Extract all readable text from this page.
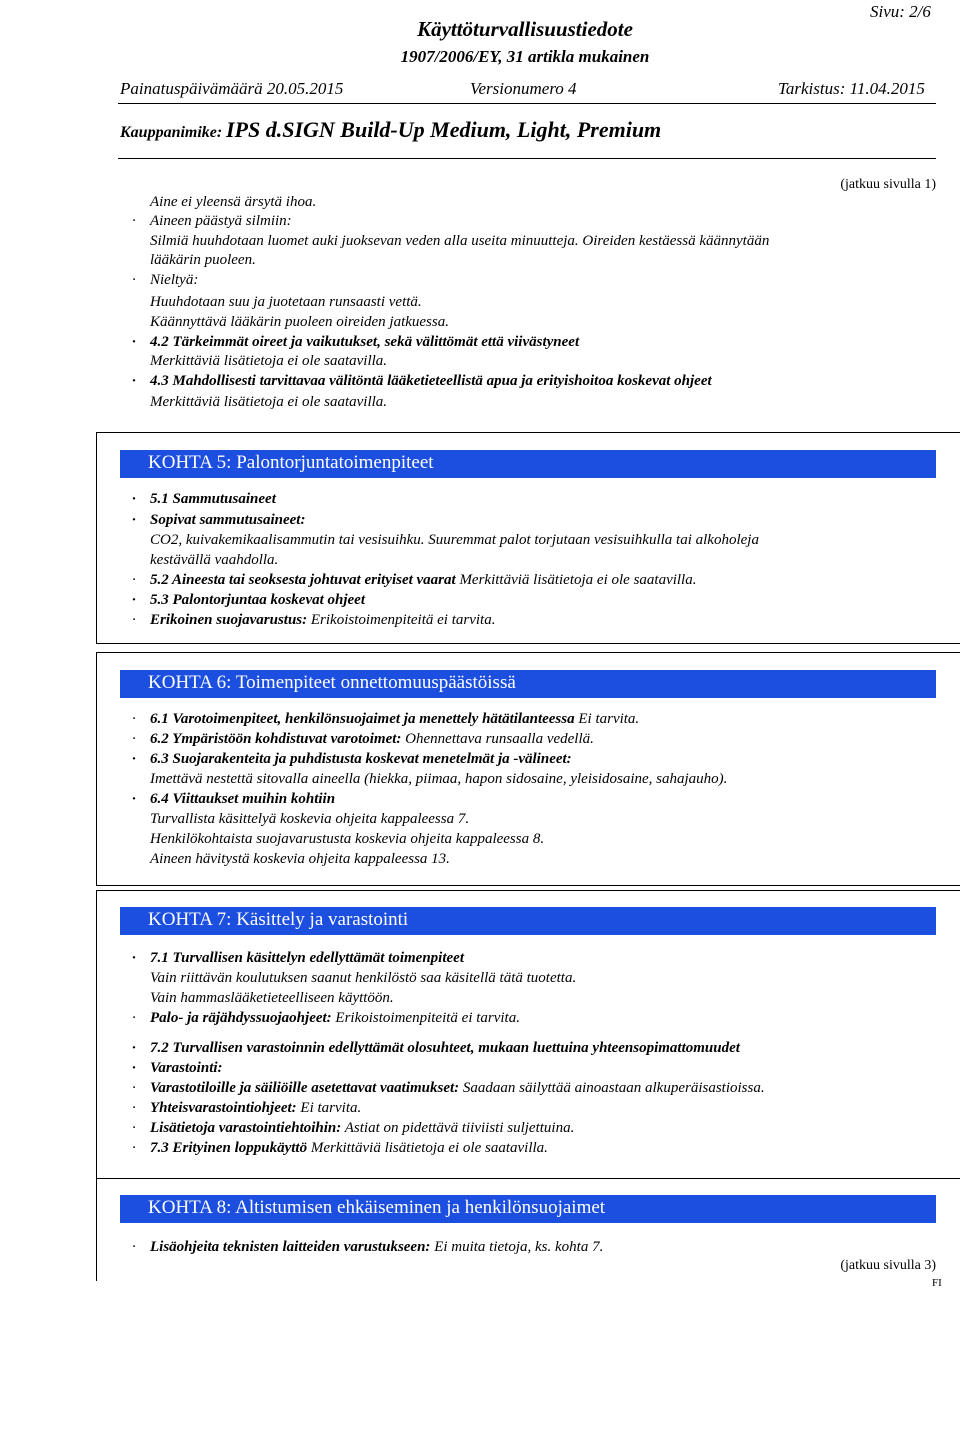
Sivu: 2/6
Käyttöturvallisuustiedote
1907/2006/EY, 31 artikla mukainen
Painatuspäivämäärä 20.05.2015	Versionumero 4	Tarkistus: 11.04.2015
Kauppanimike: IPS d.SIGN Build-Up Medium, Light, Premium
(jatkuu sivulla 1)
Aine ei yleensä ärsytä ihoa.
· Aineen päästyä silmiin:
Silmiä huuhdotaan luomet auki juoksevan veden alla useita minuutteja. Oireiden kestäessä käännytään
lääkärin puoleen.
· Nieltyä:
Huuhdotaan suu ja juotetaan runsaasti vettä.
Käännyttävä lääkärin puoleen oireiden jatkuessa.
· 4.2 Tärkeimmät oireet ja vaikutukset, sekä välittömät että viivästyneet
Merkittäviä lisätietoja ei ole saatavilla.
· 4.3 Mahdollisesti tarvittavaa välitöntä lääketieteellistä apua ja erityishoitoa koskevat ohjeet
Merkittäviä lisätietoja ei ole saatavilla.
KOHTA 5: Palontorjuntatoimenpiteet
· 5.1 Sammutusaineet
· Sopivat sammutusaineet:
CO2, kuivakemikaalisammutin tai vesisuihku. Suuremmat palot torjutaan vesisuihkulla tai alkoholeja
kestävällä vaahdolla.
· 5.2 Aineesta tai seoksesta johtuvat erityiset vaarat Merkittäviä lisätietoja ei ole saatavilla.
· 5.3 Palontorjuntaa koskevat ohjeet
· Erikoinen suojavarustus: Erikoistoimenpiteitä ei tarvita.
KOHTA 6: Toimenpiteet onnettomuuspäästöissä
· 6.1 Varotoimenpiteet, henkilönsuojaimet ja menettely hätätilanteessa Ei tarvita.
· 6.2 Ympäristöön kohdistuvat varotoimet: Ohennettava runsaalla vedellä.
· 6.3 Suojarakenteita ja puhdistusta koskevat menetelmät ja -välineet:
Imettävä nestettä sitovalla aineella (hiekka, piimaa, hapon sidosaine, yleisidosaine, sahajauho).
· 6.4 Viittaukset muihin kohtiin
Turvallista käsittelyä koskevia ohjeita kappaleessa 7.
Henkilökohtaista suojavarustusta koskevia ohjeita kappaleessa 8.
Aineen hävitystä koskevia ohjeita kappaleessa 13.
KOHTA 7: Käsittely ja varastointi
· 7.1 Turvallisen käsittelyn edellyttämät toimenpiteet
Vain riittävän koulutuksen saanut henkilöstö saa käsitellä tätä tuotetta.
Vain hammaslääketieteelliseen käyttöön.
· Palo- ja räjähdyssuojaohjeet: Erikoistoimenpiteitä ei tarvita.
· 7.2 Turvallisen varastoinnin edellyttämät olosuhteet, mukaan luettuina yhteensopimattomuudet
· Varastointi:
· Varastotiloille ja säiliöille asetettavat vaatimukset: Saadaan säilyttää ainoastaan alkuperäisastioissa.
· Yhteisvarastointiohjeet: Ei tarvita.
· Lisätietoja varastointiehtoihin: Astiat on pidettävä tiiviisti suljettuina.
· 7.3 Erityinen loppukäyttö Merkittäviä lisätietoja ei ole saatavilla.
KOHTA 8: Altistumisen ehkäiseminen ja henkilönsuojaimet
· Lisäohjeita teknisten laitteiden varustukseen: Ei muita tietoja, ks. kohta 7.
(jatkuu sivulla 3)
FI
